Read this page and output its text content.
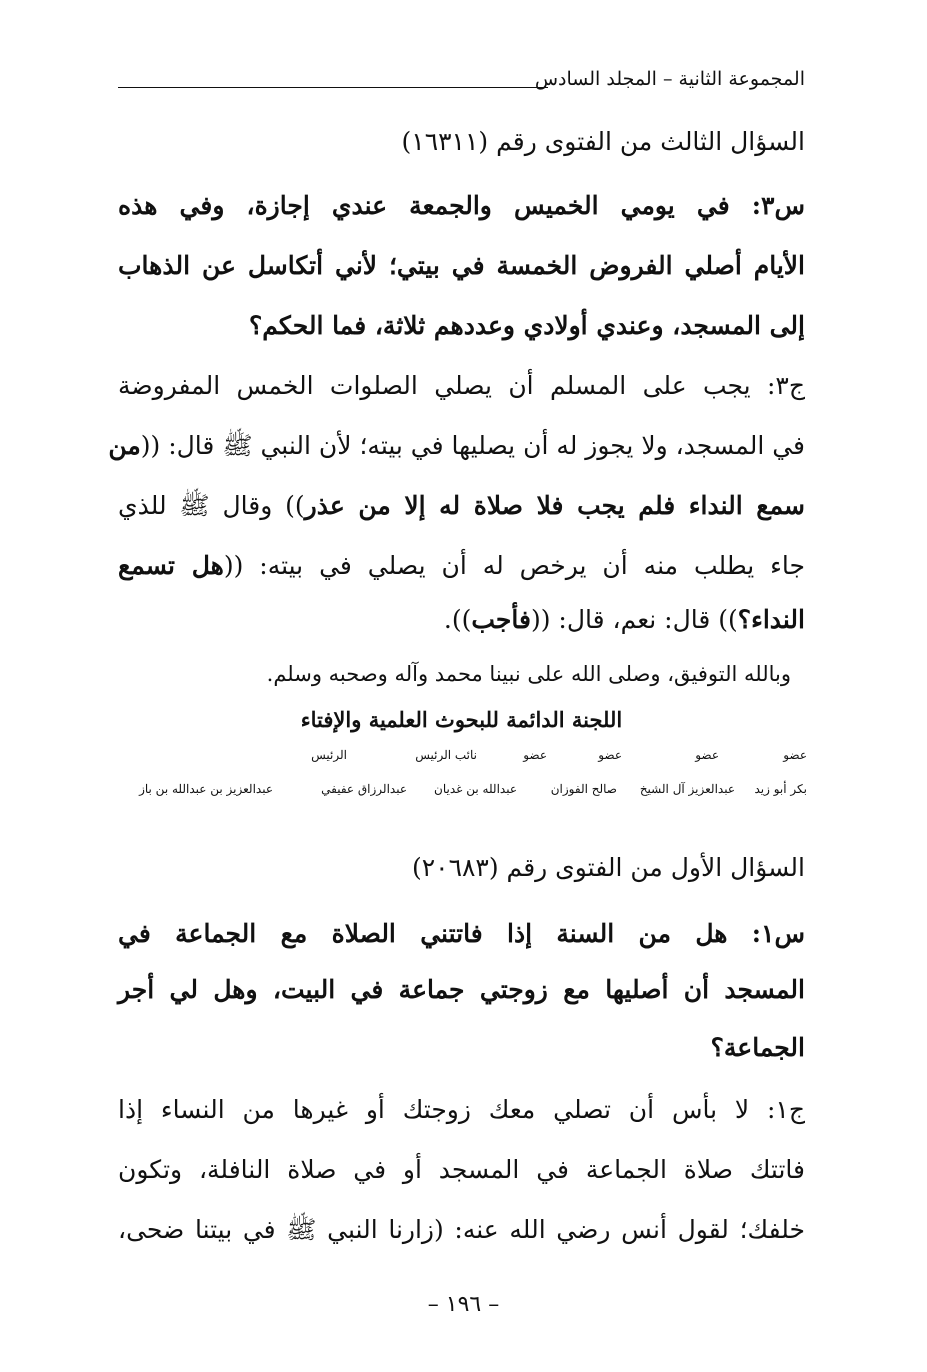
المجموعة الثانية – المجلد السادس
السؤال الثالث من الفتوى رقم (١٦٣١١)
س٣: في يومي الخميس والجمعة عندي إجازة، وفي هذه
الأيام أصلي الفروض الخمسة في بيتي؛ لأني أتكاسل عن الذهاب
إلى المسجد، وعندي أولادي وعددهم ثلاثة، فما الحكم؟
ج٣: يجب على المسلم أن يصلي الصلوات الخمس المفروضة
في المسجد، ولا يجوز له أن يصليها في بيته؛ لأن النبي ﷺ قال: ((من
سمع النداء فلم يجب فلا صلاة له إلا من عذر)) وقال ﷺ للذي
جاء يطلب منه أن يرخص له أن يصلي في بيته: ((هل تسمع
النداء؟)) قال: نعم، قال: ((فأجب)).
وبالله التوفيق، وصلى الله على نبينا محمد وآله وصحبه وسلم.
اللجنة الدائمة للبحوث العلمية والإفتاء
عضو
عضو
عضو
عضو
نائب الرئيس
الرئيس
بكر أبو زيد
عبدالعزيز آل الشيخ
صالح الفوزان
عبدالله بن غديان
عبدالرزاق عفيفي
عبدالعزيز بن عبدالله بن باز
السؤال الأول من الفتوى رقم (٢٠٦٨٣)
س١: هل من السنة إذا فاتتني الصلاة مع الجماعة في
المسجد أن أصليها مع زوجتي جماعة في البيت، وهل لي أجر
الجماعة؟
ج١: لا بأس أن تصلي معك زوجتك أو غيرها من النساء إذا
فاتتك صلاة الجماعة في المسجد أو في صلاة النافلة، وتكون
خلفك؛ لقول أنس رضي الله عنه: (زارنا النبي ﷺ في بيتنا ضحى،
– ١٩٦ –
